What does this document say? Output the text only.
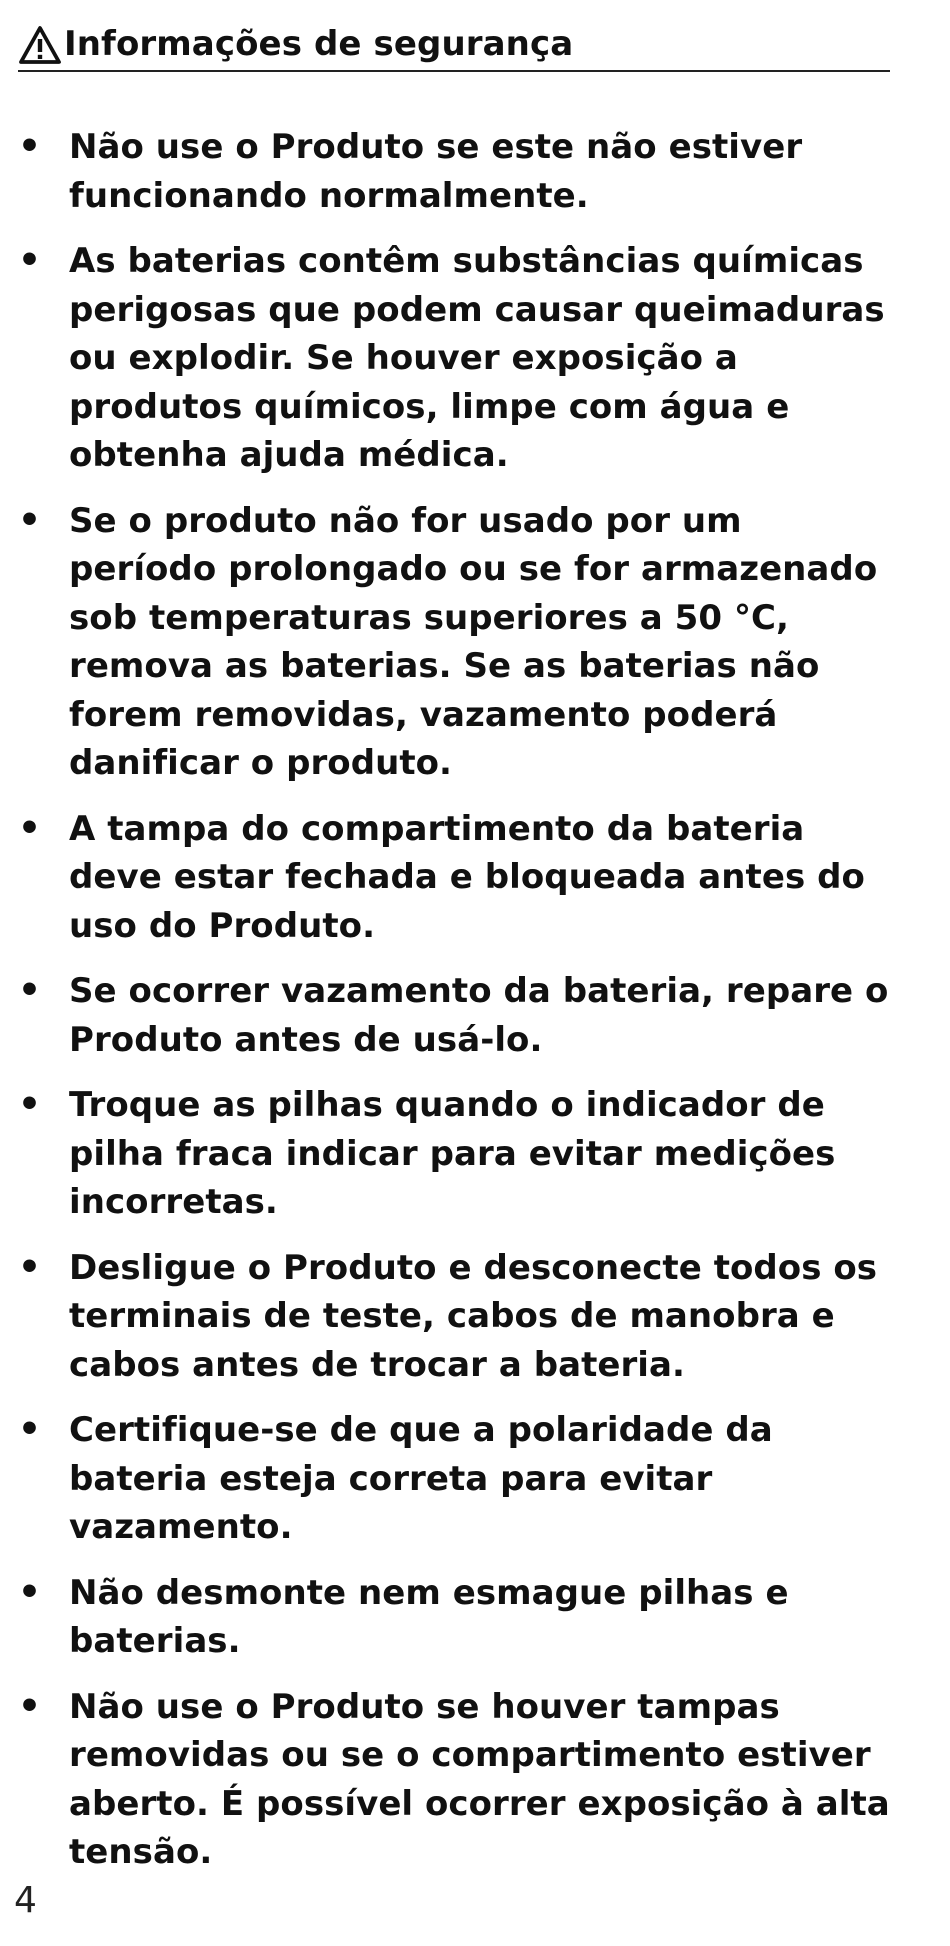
Informações de segurança
• Não use o Produto se este não estiver funcionando normalmente.
• As baterias contêm substâncias químicas perigosas que podem causar queimaduras ou explodir. Se houver exposição a produtos químicos, limpe com água e obtenha ajuda médica.
• Se o produto não for usado por um período prolongado ou se for armazenado sob temperaturas superiores a 50 °C, remova as baterias. Se as baterias não forem removidas, vazamento poderá danificar o produto.
• A tampa do compartimento da bateria deve estar fechada e bloqueada antes do uso do Produto.
• Se ocorrer vazamento da bateria, repare o Produto antes de usá-lo.
• Troque as pilhas quando o indicador de pilha fraca indicar para evitar medições incorretas.
• Desligue o Produto e desconecte todos os terminais de teste, cabos de manobra e cabos antes de trocar a bateria.
• Certifique-se de que a polaridade da bateria esteja correta para evitar vazamento.
• Não desmonte nem esmague pilhas e baterias.
• Não use o Produto se houver tampas removidas ou se o compartimento estiver aberto. É possível ocorrer exposição à alta tensão.
4
